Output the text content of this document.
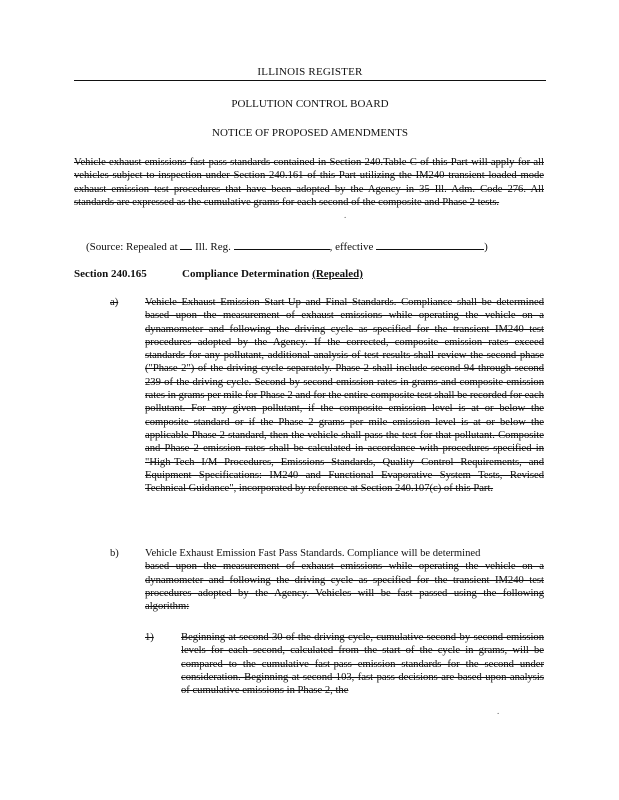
ILLINOIS REGISTER
POLLUTION CONTROL BOARD
NOTICE OF PROPOSED AMENDMENTS
Vehicle exhaust emissions fast-pass standards contained in Section 240.Table C of this Part will apply for all vehicles subject to inspection under Section 240.161 of this Part utilizing the IM240 transient loaded mode exhaust emission test procedures that have been adopted by the Agency in 35 Ill. Adm. Code 276. All standards are expressed as the cumulative grams for each second of the composite and Phase 2 tests.
(Source: Repealed at Ill. Reg.	, effective	)
Section 240.165	Compliance Determination (Repealed)
a)	Vehicle Exhaust Emission Start-Up and Final Standards. Compliance shall be determined based upon the measurement of exhaust emissions while operating the vehicle on a dynamometer and following the driving cycle as specified for the transient IM240 test procedures adopted by the Agency. If the corrected, composite emission rates exceed standards for any pollutant, additional analysis of test results shall review the second phase ("Phase 2") of the driving cycle separately. Phase 2 shall include second 94 through second 239 of the driving cycle. Second-by-second emission rates in grams and composite emission rates in grams per mile for Phase 2 and for the entire composite test shall be recorded for each pollutant. For any given pollutant, if the composite emission level is at or below the composite standard or if the Phase 2 grams per mile emission level is at or below the applicable Phase 2 standard, then the vehicle shall pass the test for that pollutant. Composite and Phase 2 emission rates shall be calculated in accordance with procedures specified in "High-Tech I/M Procedures, Emissions Standards, Quality Control Requirements, and Equipment Specifications: IM240 and Functional Evaporative System Tests, Revised Technical Guidance", incorporated by reference at Section 240.107(c) of this Part.
b) Vehicle Exhaust Emission Fast Pass Standards. Compliance will be determined
based upon the measurement of exhaust emissions while operating the vehicle on a dynamometer and following the driving cycle as specified for the transient IM240 test procedures adopted by the Agency. Vehicles will be fast passed using the following algorithm:
1)	Beginning at second 30 of the driving cycle, cumulative second-by-second emission levels for each second, calculated from the start of the cycle in grams, will be compared to the cumulative fast-pass emission standards for the second under consideration. Beginning at second 103, fast-pass decisions are based upon analysis of cumulative emissions in Phase 2, the
.
.
